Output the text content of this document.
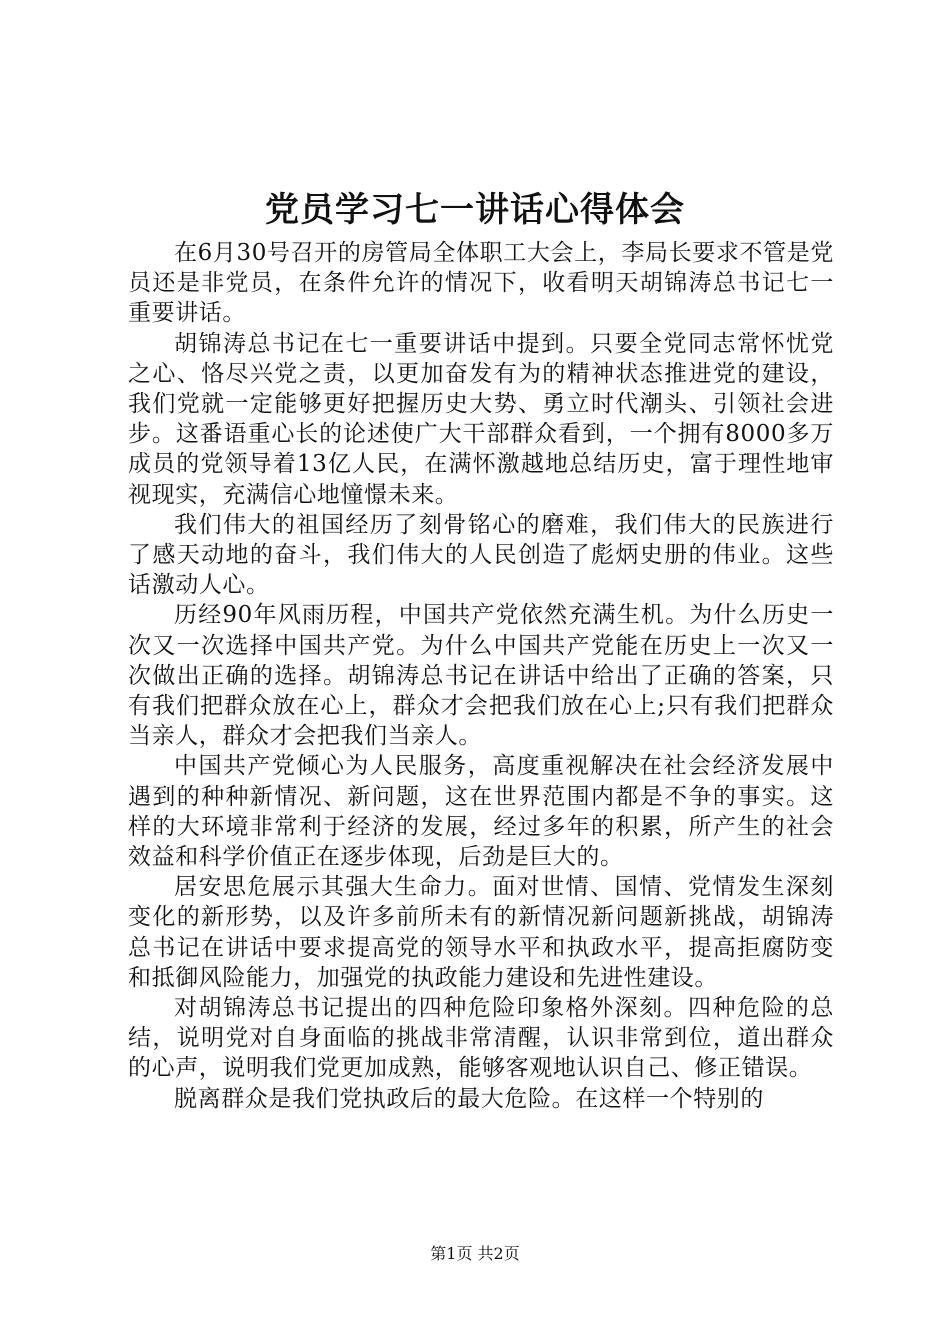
党员学习七一讲话心得体会

在6月30号召开的房管局全体职工大会上，李局长要求不管是党员还是非党员，在条件允许的情况下，收看明天胡锦涛总书记七一重要讲话。

胡锦涛总书记在七一重要讲话中提到。只要全党同志常怀忧党之心、恪尽兴党之责，以更加奋发有为的精神状态推进党的建设，我们党就一定能够更好把握历史大势、勇立时代潮头、引领社会进步。这番语重心长的论述使广大干部群众看到，一个拥有8000多万成员的党领导着13亿人民，在满怀激越地总结历史，富于理性地审视现实，充满信心地憧憬未来。

我们伟大的祖国经历了刻骨铭心的磨难，我们伟大的民族进行了感天动地的奋斗，我们伟大的人民创造了彪炳史册的伟业。这些话激动人心。

历经90年风雨历程，中国共产党依然充满生机。为什么历史一次又一次选择中国共产党。为什么中国共产党能在历史上一次又一次做出正确的选择。胡锦涛总书记在讲话中给出了正确的答案，只有我们把群众放在心上，群众才会把我们放在心上;只有我们把群众当亲人，群众才会把我们当亲人。

中国共产党倾心为人民服务，高度重视解决在社会经济发展中遇到的种种新情况、新问题，这在世界范围内都是不争的事实。这样的大环境非常利于经济的发展，经过多年的积累，所产生的社会效益和科学价值正在逐步体现，后劲是巨大的。

居安思危展示其强大生命力。面对世情、国情、党情发生深刻变化的新形势，以及许多前所未有的新情况新问题新挑战，胡锦涛总书记在讲话中要求提高党的领导水平和执政水平，提高拒腐防变和抵御风险能力，加强党的执政能力建设和先进性建设。

对胡锦涛总书记提出的四种危险印象格外深刻。四种危险的总结，说明党对自身面临的挑战非常清醒，认识非常到位，道出群众的心声，说明我们党更加成熟，能够客观地认识自己、修正错误。

脱离群众是我们党执政后的最大危险。在这样一个特别的

第1页 共2页
